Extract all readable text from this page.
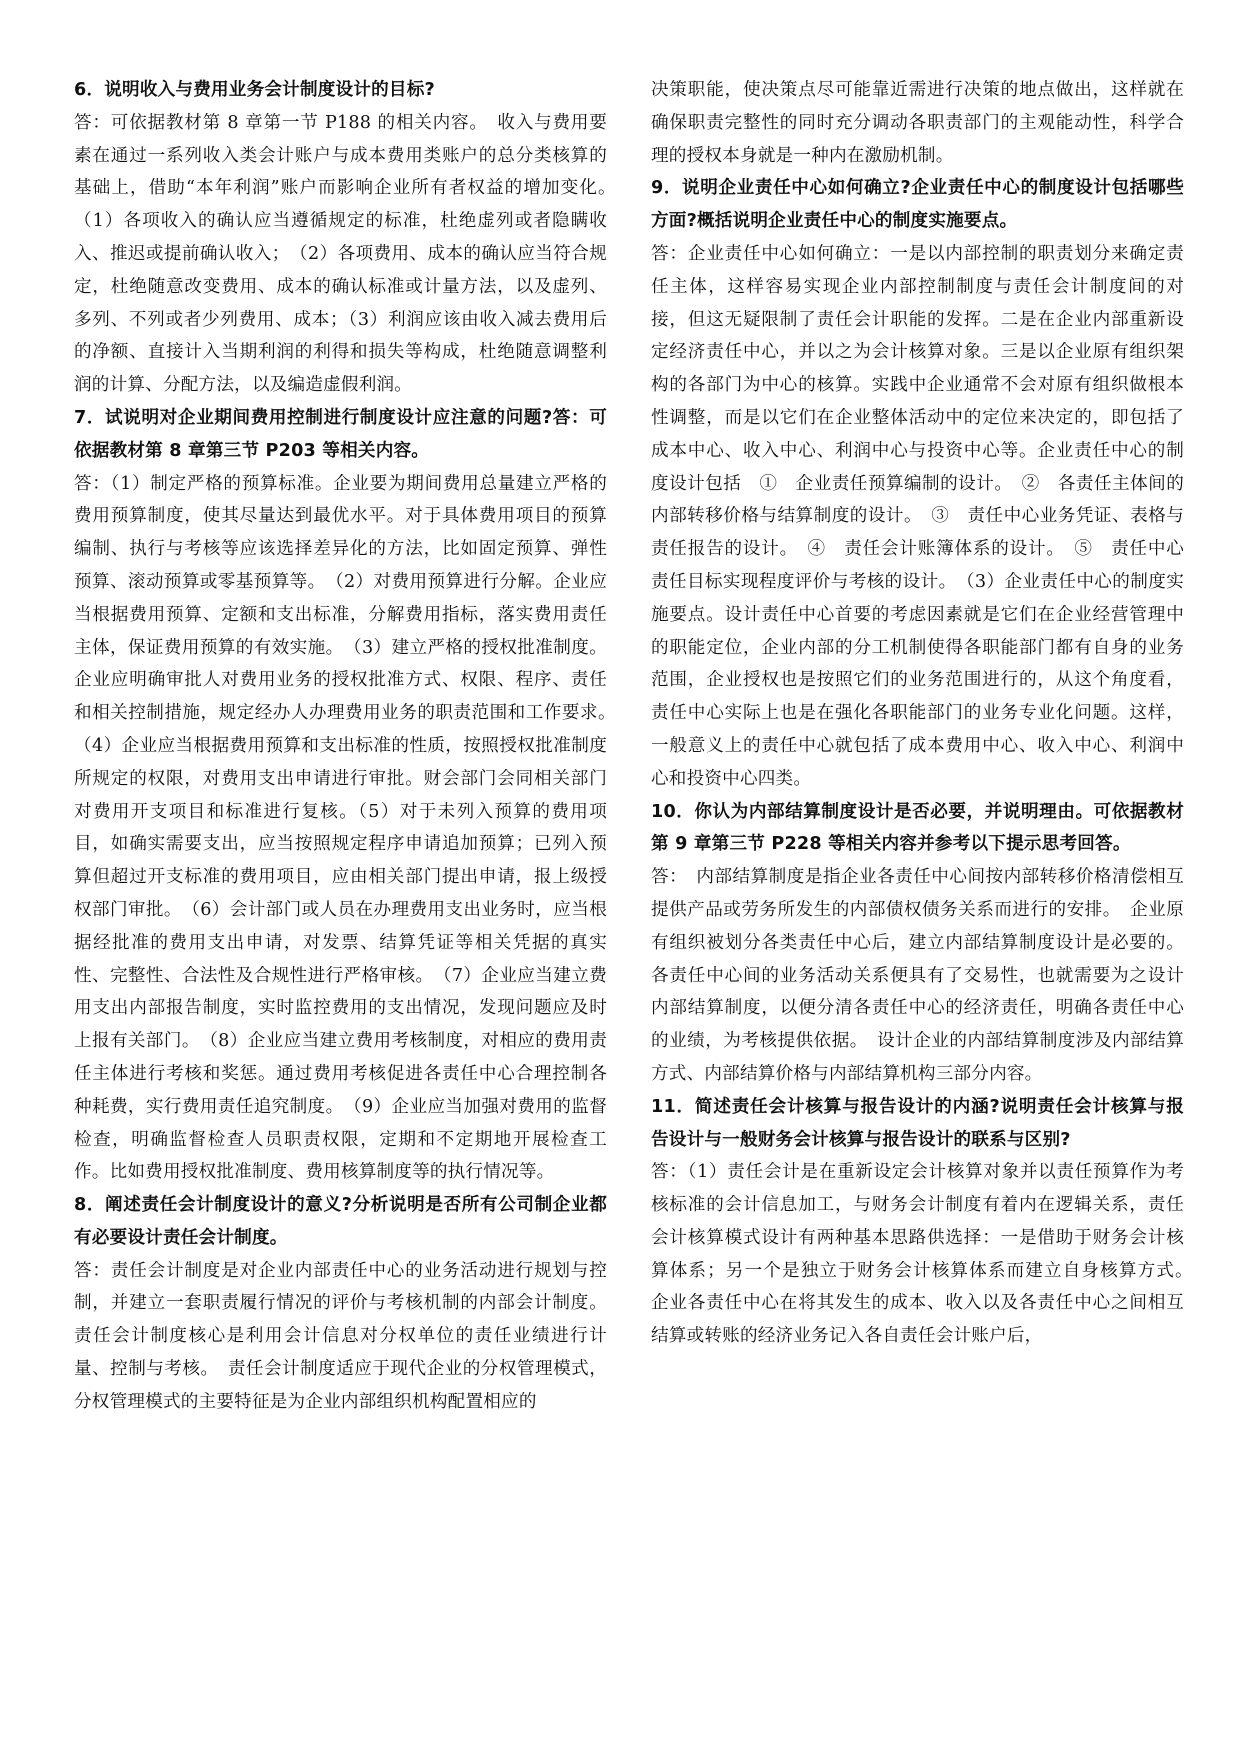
6．说明收入与费用业务会计制度设计的目标?

答：可依据教材第 8 章第一节 P188 的相关内容。　收入与费用要素在通过一系列收入类会计账户与成本费用类账户的总分类核算的基础上，借助“本年利润”账户而影响企业所有者权益的增加变化。　（1）各项收入的确认应当遵循规定的标准，杜绝虚列或者隐瞒收入、推迟或提前确认收入；　（2）各项费用、成本的确认应当符合规定，杜绝随意改变费用、成本的确认标准或计量方法，以及虚列、多列、不列或者少列费用、成本；（3）利润应该由收入减去费用后的净额、直接计入当期利润的利得和损失等构成，杜绝随意调整利润的计算、分配方法，以及编造虚假利润。

7．试说明对企业期间费用控制进行制度设计应注意的问题?答：可依据教材第 8 章第三节 P203 等相关内容。

答：（1）制定严格的预算标准。企业要为期间费用总量建立严格的费用预算制度，使其尽量达到最优水平。对于具体费用项目的预算编制、执行与考核等应该选择差异化的方法，比如固定预算、弹性预算、滚动预算或零基预算等。　（2）对费用预算进行分解。企业应当根据费用预算、定额和支出标准，分解费用指标，落实费用责任主体，保证费用预算的有效实施。　（3）建立严格的授权批准制度。企业应明确审批人对费用业务的授权批准方式、权限、程序、责任和相关控制措施，规定经办人办理费用业务的职责范围和工作要求。　（4）企业应当根据费用预算和支出标准的性质，按照授权批准制度所规定的权限，对费用支出申请进行审批。财会部门会同相关部门对费用开支项目和标准进行复核。（5）对于未列入预算的费用项目，如确实需要支出，应当按照规定程序申请追加预算；已列入预算但超过开支标准的费用项目，应由相关部门提出申请，报上级授权部门审批。　（6）会计部门或人员在办理费用支出业务时，应当根据经批准的费用支出申请，对发票、结算凭证等相关凭据的真实性、完整性、合法性及合规性进行严格审核。　（7）企业应当建立费用支出内部报告制度，实时监控费用的支出情况，发现问题应及时上报有关部门。　（8）企业应当建立费用考核制度，对相应的费用责任主体进行考核和奖惩。通过费用考核促进各责任中心合理控制各种耗费，实行费用责任追究制度。　（9）企业应当加强对费用的监督检查，明确监督检查人员职责权限，定期和不定期地开展检查工作。比如费用授权批准制度、费用核算制度等的执行情况等。

8．阐述责任会计制度设计的意义?分析说明是否所有公司制企业都有必要设计责任会计制度。

答：责任会计制度是对企业内部责任中心的业务活动进行规划与控制，并建立一套职责履行情况的评价与考核机制的内部会计制度。责任会计制度核心是利用会计信息对分权单位的责任业绩进行计量、控制与考核。　责任会计制度适应于现代企业的分权管理模式，分权管理模式的主要特征是为企业内部组织机构配置相应的

决策职能，使决策点尽可能靠近需进行决策的地点做出，这样就在确保职责完整性的同时充分调动各职责部门的主观能动性，科学合理的授权本身就是一种内在激励机制。

9．说明企业责任中心如何确立?企业责任中心的制度设计包括哪些方面?概括说明企业责任中心的制度实施要点。

答：企业责任中心如何确立：一是以内部控制的职责划分来确定责任主体，这样容易实现企业内部控制制度与责任会计制度间的对接，但这无疑限制了责任会计职能的发挥。二是在企业内部重新设定经济责任中心，并以之为会计核算对象。三是以企业原有组织架构的各部门为中心的核算。实践中企业通常不会对原有组织做根本性调整，而是以它们在企业整体活动中的定位来决定的，即包括了成本中心、收入中心、利润中心与投资中心等。企业责任中心的制度设计包括　①　企业责任预算编制的设计。　②　各责任主体间的内部转移价格与结算制度的设计。　③　责任中心业务凭证、表格与责任报告的设计。　④　责任会计账簿体系的设计。　⑤　责任中心责任目标实现程度评价与考核的设计。　（3）企业责任中心的制度实施要点。设计责任中心首要的考虑因素就是它们在企业经营管理中的职能定位，企业内部的分工机制使得各职能部门都有自身的业务范围，企业授权也是按照它们的业务范围进行的，从这个角度看，责任中心实际上也是在强化各职能部门的业务专业化问题。这样，一般意义上的责任中心就包括了成本费用中心、收入中心、利润中心和投资中心四类。

10．你认为内部结算制度设计是否必要，并说明理由。可依据教材第 9 章第三节 P228 等相关内容并参考以下提示思考回答。

答：　内部结算制度是指企业各责任中心间按内部转移价格清偿相互提供产品或劳务所发生的内部债权债务关系而进行的安排。　企业原有组织被划分各类责任中心后，建立内部结算制度设计是必要的。各责任中心间的业务活动关系便具有了交易性，也就需要为之设计内部结算制度，以便分清各责任中心的经济责任，明确各责任中心的业绩，为考核提供依据。　设计企业的内部结算制度涉及内部结算方式、内部结算价格与内部结算机构三部分内容。

11．简述责任会计核算与报告设计的内涵?说明责任会计核算与报告设计与一般财务会计核算与报告设计的联系与区别?

答：（1）责任会计是在重新设定会计核算对象并以责任预算作为考核标准的会计信息加工，与财务会计制度有着内在逻辑关系，责任会计核算模式设计有两种基本思路供选择：一是借助于财务会计核算体系；另一个是独立于财务会计核算体系而建立自身核算方式。　企业各责任中心在将其发生的成本、收入以及各责任中心之间相互结算或转账的经济业务记入各自责任会计账户后，
